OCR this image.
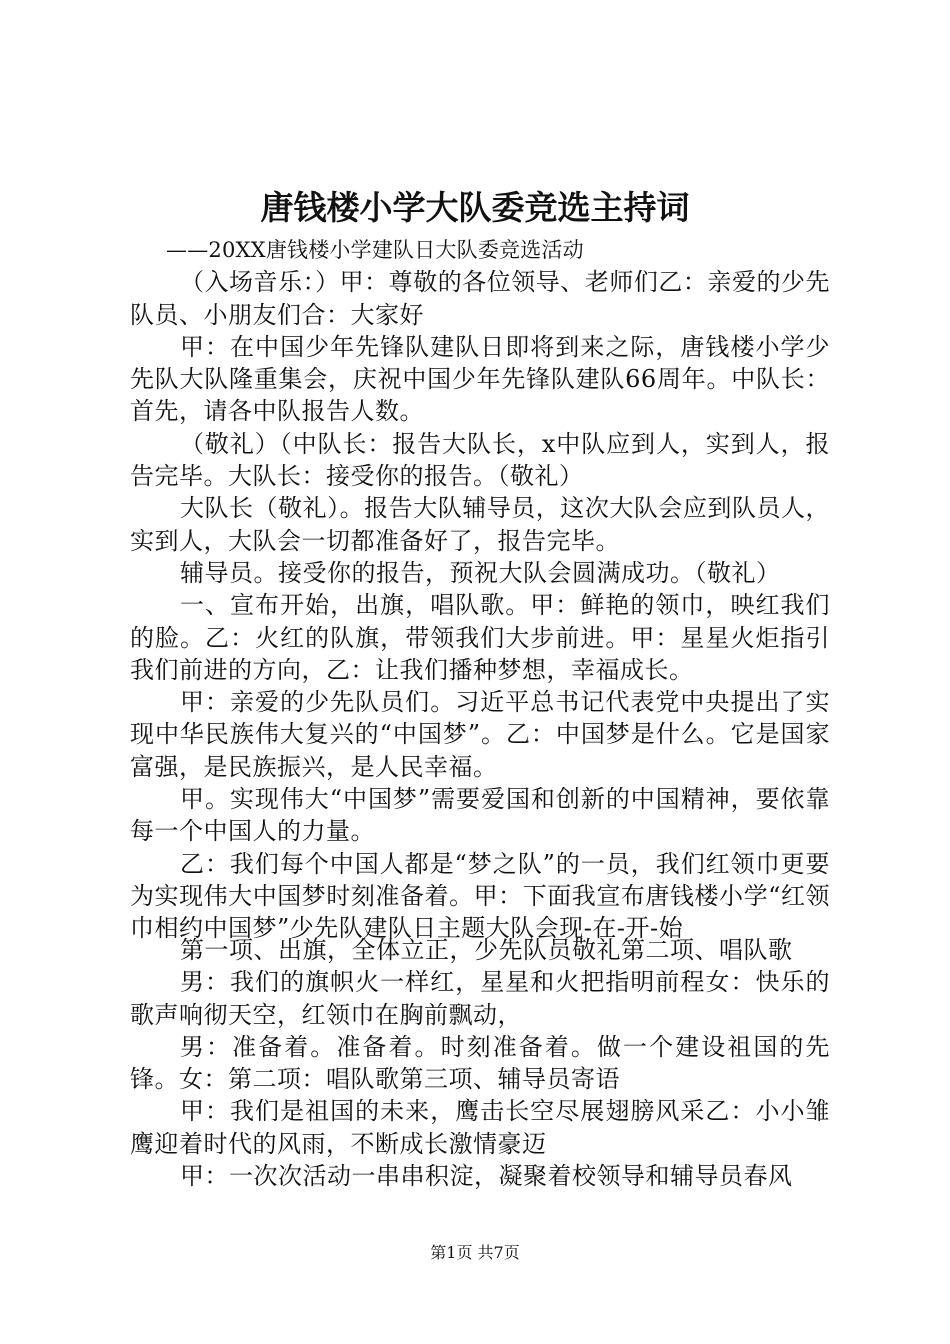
唐钱楼小学大队委竞选主持词

——20XX唐钱楼小学建队日大队委竞选活动

（入场音乐：）甲：尊敬的各位领导、老师们乙：亲爱的少先队员、小朋友们合：大家好

甲：在中国少年先锋队建队日即将到来之际，唐钱楼小学少先队大队隆重集会，庆祝中国少年先锋队建队66周年。中队长：首先，请各中队报告人数。

（敬礼）（中队长：报告大队长，x中队应到人，实到人，报告完毕。大队长：接受你的报告。（敬礼）

大队长（敬礼）。报告大队辅导员，这次大队会应到队员人，实到人，大队会一切都准备好了，报告完毕。

辅导员。接受你的报告，预祝大队会圆满成功。（敬礼）

一、宣布开始，出旗，唱队歌。甲：鲜艳的领巾，映红我们的脸。乙：火红的队旗，带领我们大步前进。甲：星星火炬指引我们前进的方向，乙：让我们播种梦想，幸福成长。

甲：亲爱的少先队员们。习近平总书记代表党中央提出了实现中华民族伟大复兴的“中国梦”。乙：中国梦是什么。它是国家富强，是民族振兴，是人民幸福。

甲。实现伟大“中国梦”需要爱国和创新的中国精神，要依靠每一个中国人的力量。

乙：我们每个中国人都是“梦之队”的一员，我们红领巾更要为实现伟大中国梦时刻准备着。甲：下面我宣布唐钱楼小学“红领巾相约中国梦”少先队建队日主题大队会现-在-开-始

第一项、出旗，全体立正，少先队员敬礼第二项、唱队歌

男：我们的旗帜火一样红，星星和火把指明前程女：快乐的歌声响彻天空，红领巾在胸前飘动，

男：准备着。准备着。时刻准备着。做一个建设祖国的先锋。女：第二项：唱队歌第三项、辅导员寄语

甲：我们是祖国的未来，鹰击长空尽展翅膀风采乙：小小雏鹰迎着时代的风雨，不断成长激情豪迈

甲：一次次活动一串串积淀，凝聚着校领导和辅导员春风

第1页 共7页
